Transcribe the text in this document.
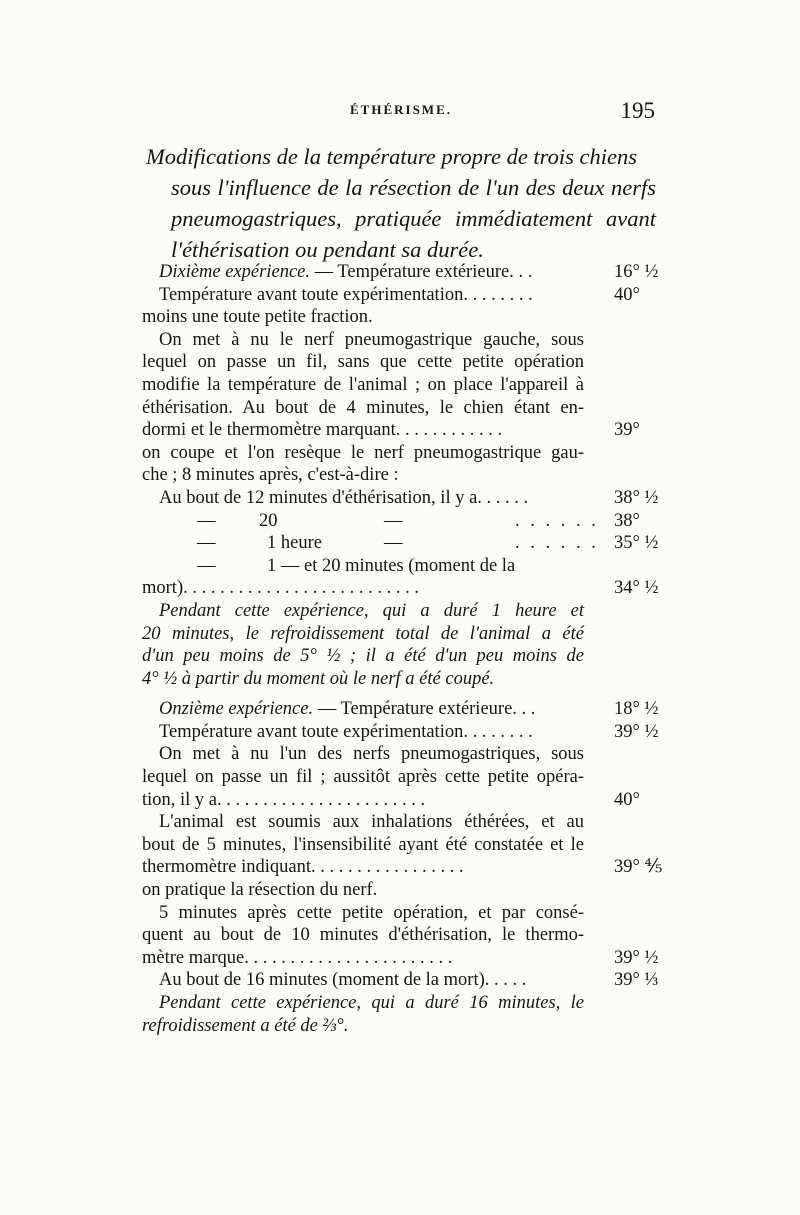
ÉTHÉRISME.	195
Modifications de la température propre de trois chiens
sous l'influence de la résection de l'un des deux nerfs
pneumogastriques, pratiquée immédiatement avant
l'éthérisation ou pendant sa durée.
Dixième expérience. — Température extérieure. . .	16° ½
Température avant toute expérimentation. . . . . . . .	40°
moins une toute petite fraction.
On met à nu le nerf pneumogastrique gauche, sous
lequel on passe un fil, sans que cette petite opération
modifie la température de l'animal ; on place l'appareil à
éthérisation. Au bout de 4 minutes, le chien étant en-
dormi et le thermomètre marquant. . . . . . . . . . . .	39°
on coupe et l'on resèque le nerf pneumogastrique gau-
che ; 8 minutes après, c'est-à-dire :
Au bout de 12 minutes d'éthérisation, il y a. . . . . .	38° ½
— 20	—	. . . . . . 38°
—	1 heure	—	. . . . . . 35° ½
—	1 — et 20 minutes (moment de la
mort). . . . . . . . . . . . . . . . . . . . . . . . . .	34° ½
Pendant cette expérience, qui a duré 1 heure et
20 minutes, le refroidissement total de l'animal a été
d'un peu moins de 5° ½ ; il a été d'un peu moins de
4° ½ à partir du moment où le nerf a été coupé.
Onzième expérience. — Température extérieure. . .	18° ½
Température avant toute expérimentation. . . . . . . .	39° ½
On met à nu l'un des nerfs pneumogastriques, sous
lequel on passe un fil ; aussitôt après cette petite opéra-
tion, il y a. . . . . . . . . . . . . . . . . . . . . . .	40°
L'animal est soumis aux inhalations éthérées, et au
bout de 5 minutes, l'insensibilité ayant été constatée et le
thermomètre indiquant. . . . . . . . . . . . . . . . .	39° ⅘
on pratique la résection du nerf.
5 minutes après cette petite opération, et par consé-
quent au bout de 10 minutes d'éthérisation, le thermo-
mètre marque. . . . . . . . . . . . . . . . . . . . . . .	39° ½
Au bout de 16 minutes (moment de la mort). . . . .	39° ⅓
Pendant cette expérience, qui a duré 16 minutes, le
refroidissement a été de ⅔°.
